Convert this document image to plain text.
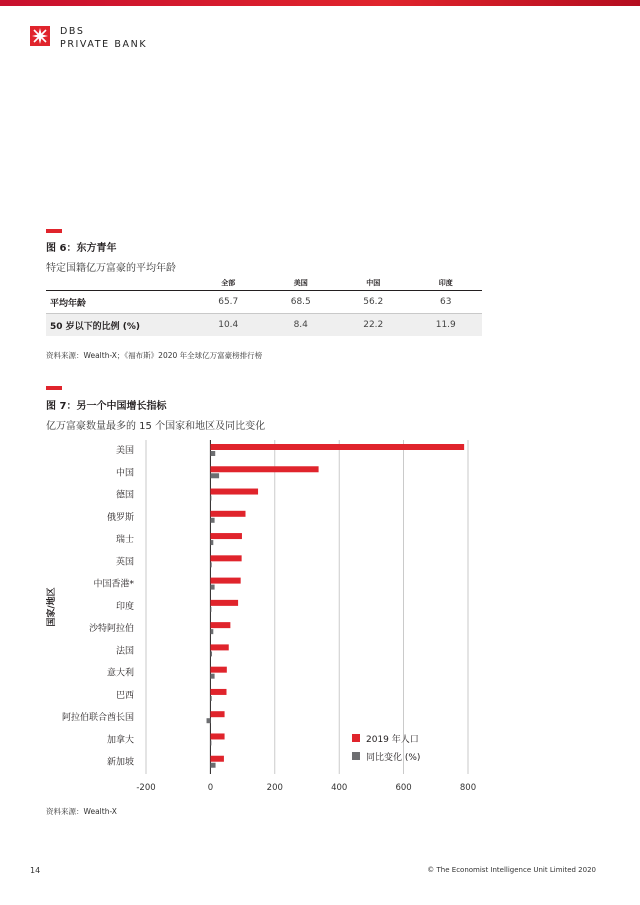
DBS
PRIVATE BANK
图 6：东方青年
特定国籍亿万富豪的平均年龄
	全部	美国	中国	印度
平均年龄	65.7	68.5	56.2	63
50 岁以下的比例 (%)	10.4	8.4	22.2	11.9
资料来源：Wealth-X；《福布斯》2020 年全球亿万富豪榜排行榜
图 7：另一个中国增长指标
亿万富豪数量最多的 15 个国家和地区及同比变化
-200	0	200	400	600	800
美国
中国
德国
俄罗斯
瑞士
英国
中国香港*
印度
沙特阿拉伯
法国
意大利
巴西
阿拉伯联合酋长国
加拿大
新加坡
国家/地区
2019 年人口
同比变化 (%)
资料来源：Wealth-X
14	© The Economist Intelligence Unit Limited 2020
